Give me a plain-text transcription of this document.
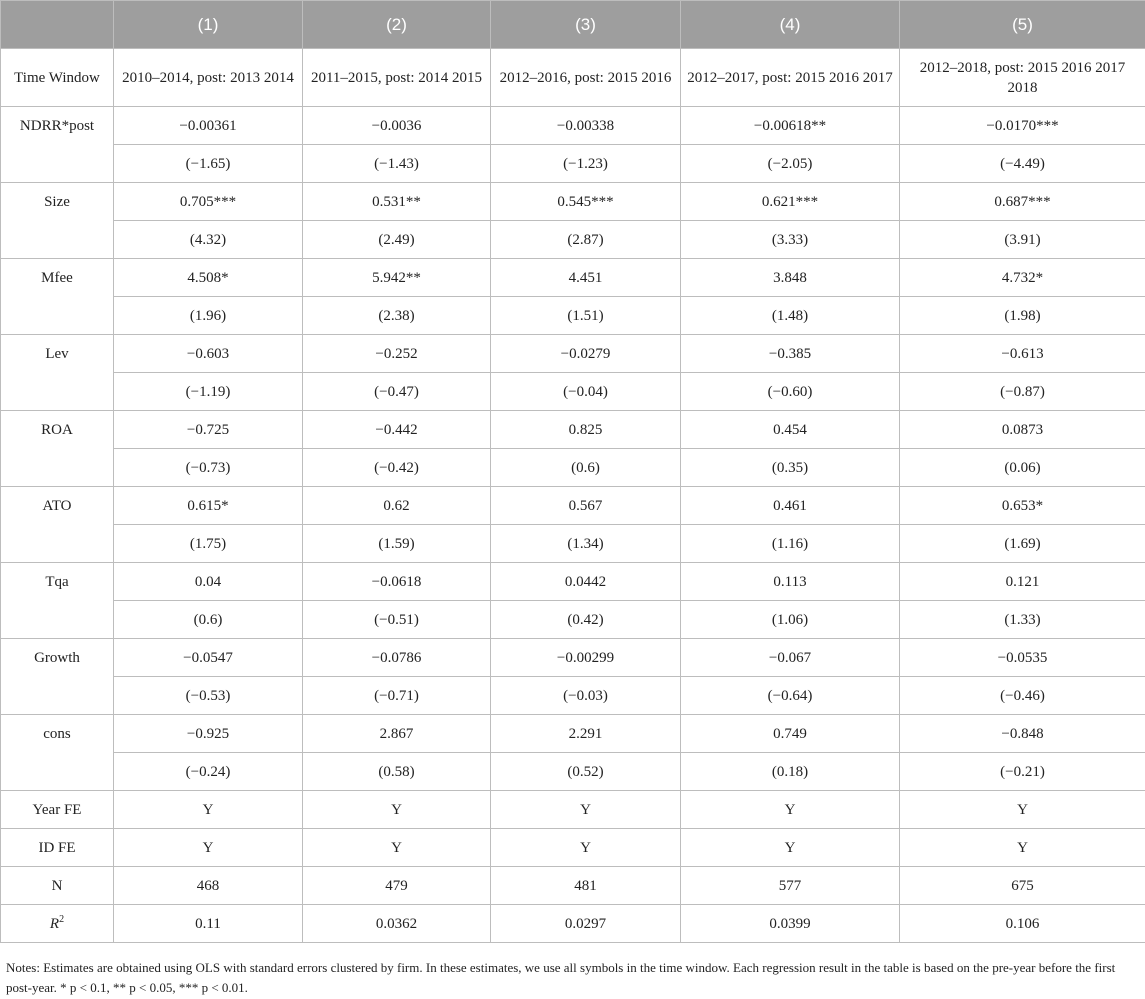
	(1)	(2)	(3)	(4)	(5)
Time Window	2010–2014, post: 2013 2014	2011–2015, post: 2014 2015	2012–2016, post: 2015 2016	2012–2017, post: 2015 2016 2017	2012–2018, post: 2015 2016 2017 2018
NDRR*post	−0.00361	−0.0036	−0.00338	−0.00618**	−0.0170***
	(−1.65)	(−1.43)	(−1.23)	(−2.05)	(−4.49)
Size	0.705***	0.531**	0.545***	0.621***	0.687***
	(4.32)	(2.49)	(2.87)	(3.33)	(3.91)
Mfee	4.508*	5.942**	4.451	3.848	4.732*
	(1.96)	(2.38)	(1.51)	(1.48)	(1.98)
Lev	−0.603	−0.252	−0.0279	−0.385	−0.613
	(−1.19)	(−0.47)	(−0.04)	(−0.60)	(−0.87)
ROA	−0.725	−0.442	0.825	0.454	0.0873
	(−0.73)	(−0.42)	(0.6)	(0.35)	(0.06)
ATO	0.615*	0.62	0.567	0.461	0.653*
	(1.75)	(1.59)	(1.34)	(1.16)	(1.69)
Tqa	0.04	−0.0618	0.0442	0.113	0.121
	(0.6)	(−0.51)	(0.42)	(1.06)	(1.33)
Growth	−0.0547	−0.0786	−0.00299	−0.067	−0.0535
	(−0.53)	(−0.71)	(−0.03)	(−0.64)	(−0.46)
cons	−0.925	2.867	2.291	0.749	−0.848
	(−0.24)	(0.58)	(0.52)	(0.18)	(−0.21)
Year FE	Y	Y	Y	Y	Y
ID FE	Y	Y	Y	Y	Y
N	468	479	481	577	675
$R^2$	0.11	0.0362	0.0297	0.0399	0.106
Notes: Estimates are obtained using OLS with standard errors clustered by firm. In these estimates, we use all symbols in the time window. Each regression result in the table is based on the pre-year before the first post-year. * p < 0.1, ** p < 0.05, *** p < 0.01.
